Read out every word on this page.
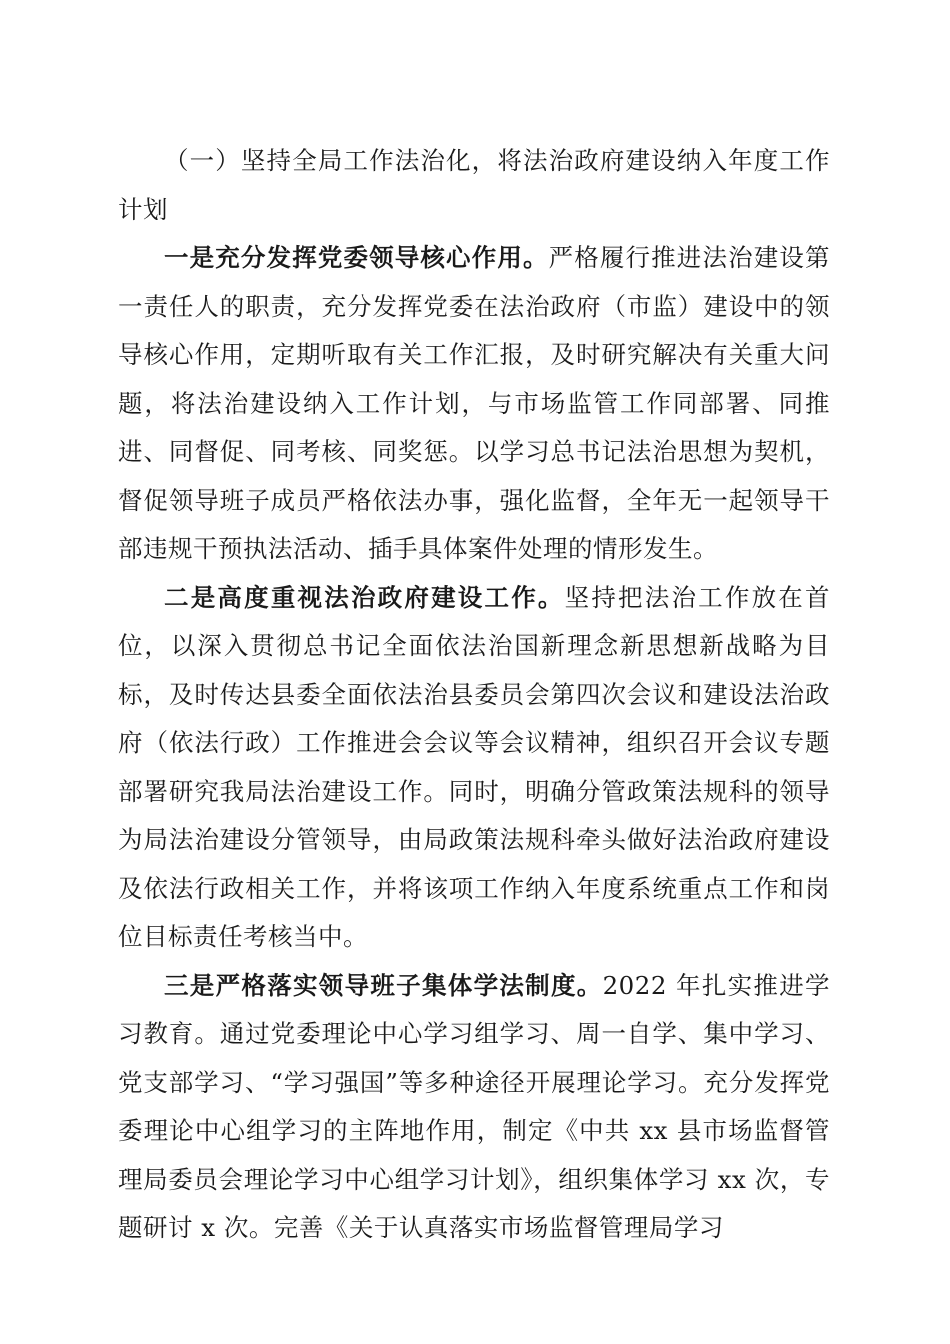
（一）坚持全局工作法治化，将法治政府建设纳入年度工作计划

一是充分发挥党委领导核心作用。严格履行推进法治建设第一责任人的职责，充分发挥党委在法治政府（市监）建设中的领导核心作用，定期听取有关工作汇报，及时研究解决有关重大问题，将法治建设纳入工作计划，与市场监管工作同部署、同推进、同督促、同考核、同奖惩。以学习总书记法治思想为契机，督促领导班子成员严格依法办事，强化监督，全年无一起领导干部违规干预执法活动、插手具体案件处理的情形发生。

二是高度重视法治政府建设工作。坚持把法治工作放在首位，以深入贯彻总书记全面依法治国新理念新思想新战略为目标，及时传达县委全面依法治县委员会第四次会议和建设法治政府（依法行政）工作推进会会议等会议精神，组织召开会议专题部署研究我局法治建设工作。同时，明确分管政策法规科的领导为局法治建设分管领导，由局政策法规科牵头做好法治政府建设及依法行政相关工作，并将该项工作纳入年度系统重点工作和岗位目标责任考核当中。

三是严格落实领导班子集体学法制度。2022 年扎实推进学习教育。通过党委理论中心学习组学习、周一自学、集中学习、党支部学习、“学习强国”等多种途径开展理论学习。充分发挥党委理论中心组学习的主阵地作用，制定《中共 xx 县市场监督管理局委员会理论学习中心组学习计划》，组织集体学习 xx 次，专题研讨 x 次。完善《关于认真落实市场监督管理局学习
